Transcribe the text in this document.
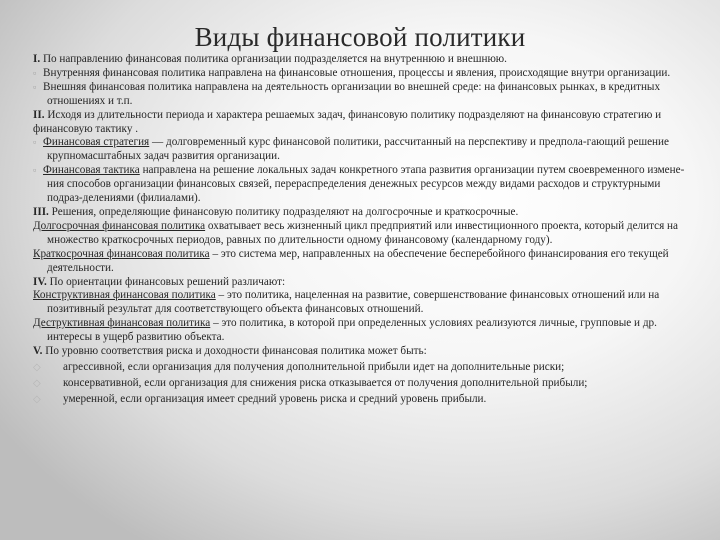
Виды финансовой политики

I. По направлению финансовая политика организации подразделяется на внутреннюю и внешнюю.

▫ Внутренняя финансовая политика направлена на финансовые отношения, процессы и явления, происходящие внутри организации.

▫ Внешняя финансовая политика направлена на деятельность организации во внешней среде: на финансовых рынках, в кредитных отношениях и т.п.

II. Исходя из длительности периода и характера решаемых задач, финансовую политику подразделяют на финансовую стратегию и финансовую тактику .

▫ Финансовая стратегия — долговременный курс финансовой политики, рассчитанный на перспективу и предпола-гающий решение крупномасштабных задач развития организации.

▫ Финансовая тактика направлена на решение локальных задач конкретного этапа развития организации путем своевременного измене-ния способов организации финансовых связей, перераспределения денежных ресурсов между видами расходов и структурными подраз-делениями (филиалами).

III. Решения, определяющие финансовую политику подразделяют на долгосрочные и краткосрочные.

Долгосрочная финансовая политика охватывает весь жизненный цикл предприятий или инвестиционного проекта, который делится на множество краткосрочных периодов, равных по длительности одному финансовому (календарному году).

Краткосрочная финансовая политика – это система мер, направленных на обеспечение бесперебойного финансирования его текущей деятельности.

IV. По ориентации финансовых решений различают:

Конструктивная финансовая политика – это политика, нацеленная на развитие, совершенствование финансовых отношений или на позитивный результат для соответствующего объекта финансовых отношений.

Деструктивная финансовая политика – это политика, в которой при определенных условиях реализуются личные, групповые и др. интересы в ущерб развитию объекта.

V. По уровню соответствия риска и доходности финансовая политика может быть:

◇ агрессивной, если организация для получения дополнительной прибыли идет на дополнительные риски;

◇ консервативной, если организация для снижения риска отказывается от получения дополнительной прибыли;

◇ умеренной, если организация имеет средний уровень риска и средний уровень прибыли.
